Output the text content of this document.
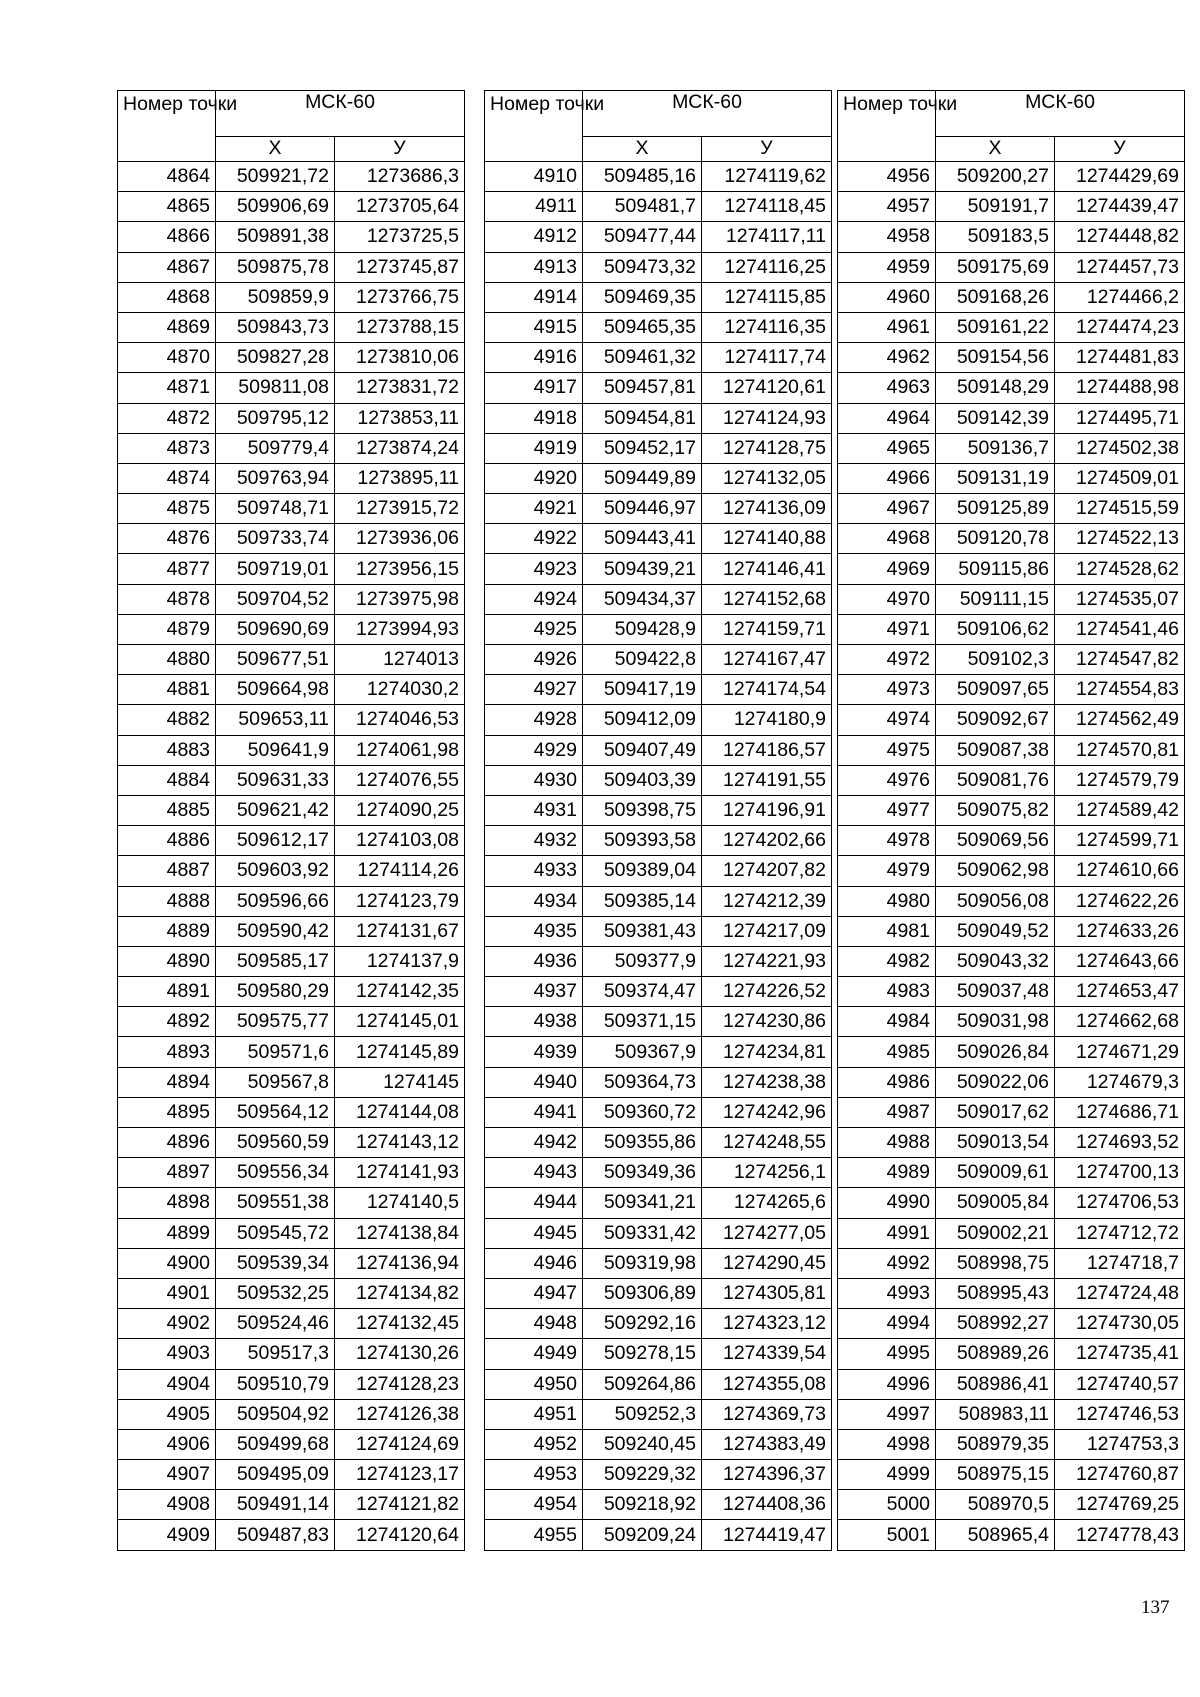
Номер точки	МСК-60	
	X	У
4864	509921,72	1273686,3
4865	509906,69	1273705,64
4866	509891,38	1273725,5
4867	509875,78	1273745,87
4868	509859,9	1273766,75
4869	509843,73	1273788,15
4870	509827,28	1273810,06
4871	509811,08	1273831,72
4872	509795,12	1273853,11
4873	509779,4	1273874,24
4874	509763,94	1273895,11
4875	509748,71	1273915,72
4876	509733,74	1273936,06
4877	509719,01	1273956,15
4878	509704,52	1273975,98
4879	509690,69	1273994,93
4880	509677,51	1274013
4881	509664,98	1274030,2
4882	509653,11	1274046,53
4883	509641,9	1274061,98
4884	509631,33	1274076,55
4885	509621,42	1274090,25
4886	509612,17	1274103,08
4887	509603,92	1274114,26
4888	509596,66	1274123,79
4889	509590,42	1274131,67
4890	509585,17	1274137,9
4891	509580,29	1274142,35
4892	509575,77	1274145,01
4893	509571,6	1274145,89
4894	509567,8	1274145
4895	509564,12	1274144,08
4896	509560,59	1274143,12
4897	509556,34	1274141,93
4898	509551,38	1274140,5
4899	509545,72	1274138,84
4900	509539,34	1274136,94
4901	509532,25	1274134,82
4902	509524,46	1274132,45
4903	509517,3	1274130,26
4904	509510,79	1274128,23
4905	509504,92	1274126,38
4906	509499,68	1274124,69
4907	509495,09	1274123,17
4908	509491,14	1274121,82
4909	509487,83	1274120,64
Номер точки	МСК-60	
	X	У
4910	509485,16	1274119,62
4911	509481,7	1274118,45
4912	509477,44	1274117,11
4913	509473,32	1274116,25
4914	509469,35	1274115,85
4915	509465,35	1274116,35
4916	509461,32	1274117,74
4917	509457,81	1274120,61
4918	509454,81	1274124,93
4919	509452,17	1274128,75
4920	509449,89	1274132,05
4921	509446,97	1274136,09
4922	509443,41	1274140,88
4923	509439,21	1274146,41
4924	509434,37	1274152,68
4925	509428,9	1274159,71
4926	509422,8	1274167,47
4927	509417,19	1274174,54
4928	509412,09	1274180,9
4929	509407,49	1274186,57
4930	509403,39	1274191,55
4931	509398,75	1274196,91
4932	509393,58	1274202,66
4933	509389,04	1274207,82
4934	509385,14	1274212,39
4935	509381,43	1274217,09
4936	509377,9	1274221,93
4937	509374,47	1274226,52
4938	509371,15	1274230,86
4939	509367,9	1274234,81
4940	509364,73	1274238,38
4941	509360,72	1274242,96
4942	509355,86	1274248,55
4943	509349,36	1274256,1
4944	509341,21	1274265,6
4945	509331,42	1274277,05
4946	509319,98	1274290,45
4947	509306,89	1274305,81
4948	509292,16	1274323,12
4949	509278,15	1274339,54
4950	509264,86	1274355,08
4951	509252,3	1274369,73
4952	509240,45	1274383,49
4953	509229,32	1274396,37
4954	509218,92	1274408,36
4955	509209,24	1274419,47
Номер точки	МСК-60	
	X	У
4956	509200,27	1274429,69
4957	509191,7	1274439,47
4958	509183,5	1274448,82
4959	509175,69	1274457,73
4960	509168,26	1274466,2
4961	509161,22	1274474,23
4962	509154,56	1274481,83
4963	509148,29	1274488,98
4964	509142,39	1274495,71
4965	509136,7	1274502,38
4966	509131,19	1274509,01
4967	509125,89	1274515,59
4968	509120,78	1274522,13
4969	509115,86	1274528,62
4970	509111,15	1274535,07
4971	509106,62	1274541,46
4972	509102,3	1274547,82
4973	509097,65	1274554,83
4974	509092,67	1274562,49
4975	509087,38	1274570,81
4976	509081,76	1274579,79
4977	509075,82	1274589,42
4978	509069,56	1274599,71
4979	509062,98	1274610,66
4980	509056,08	1274622,26
4981	509049,52	1274633,26
4982	509043,32	1274643,66
4983	509037,48	1274653,47
4984	509031,98	1274662,68
4985	509026,84	1274671,29
4986	509022,06	1274679,3
4987	509017,62	1274686,71
4988	509013,54	1274693,52
4989	509009,61	1274700,13
4990	509005,84	1274706,53
4991	509002,21	1274712,72
4992	508998,75	1274718,7
4993	508995,43	1274724,48
4994	508992,27	1274730,05
4995	508989,26	1274735,41
4996	508986,41	1274740,57
4997	508983,11	1274746,53
4998	508979,35	1274753,3
4999	508975,15	1274760,87
5000	508970,5	1274769,25
5001	508965,4	1274778,43
137
